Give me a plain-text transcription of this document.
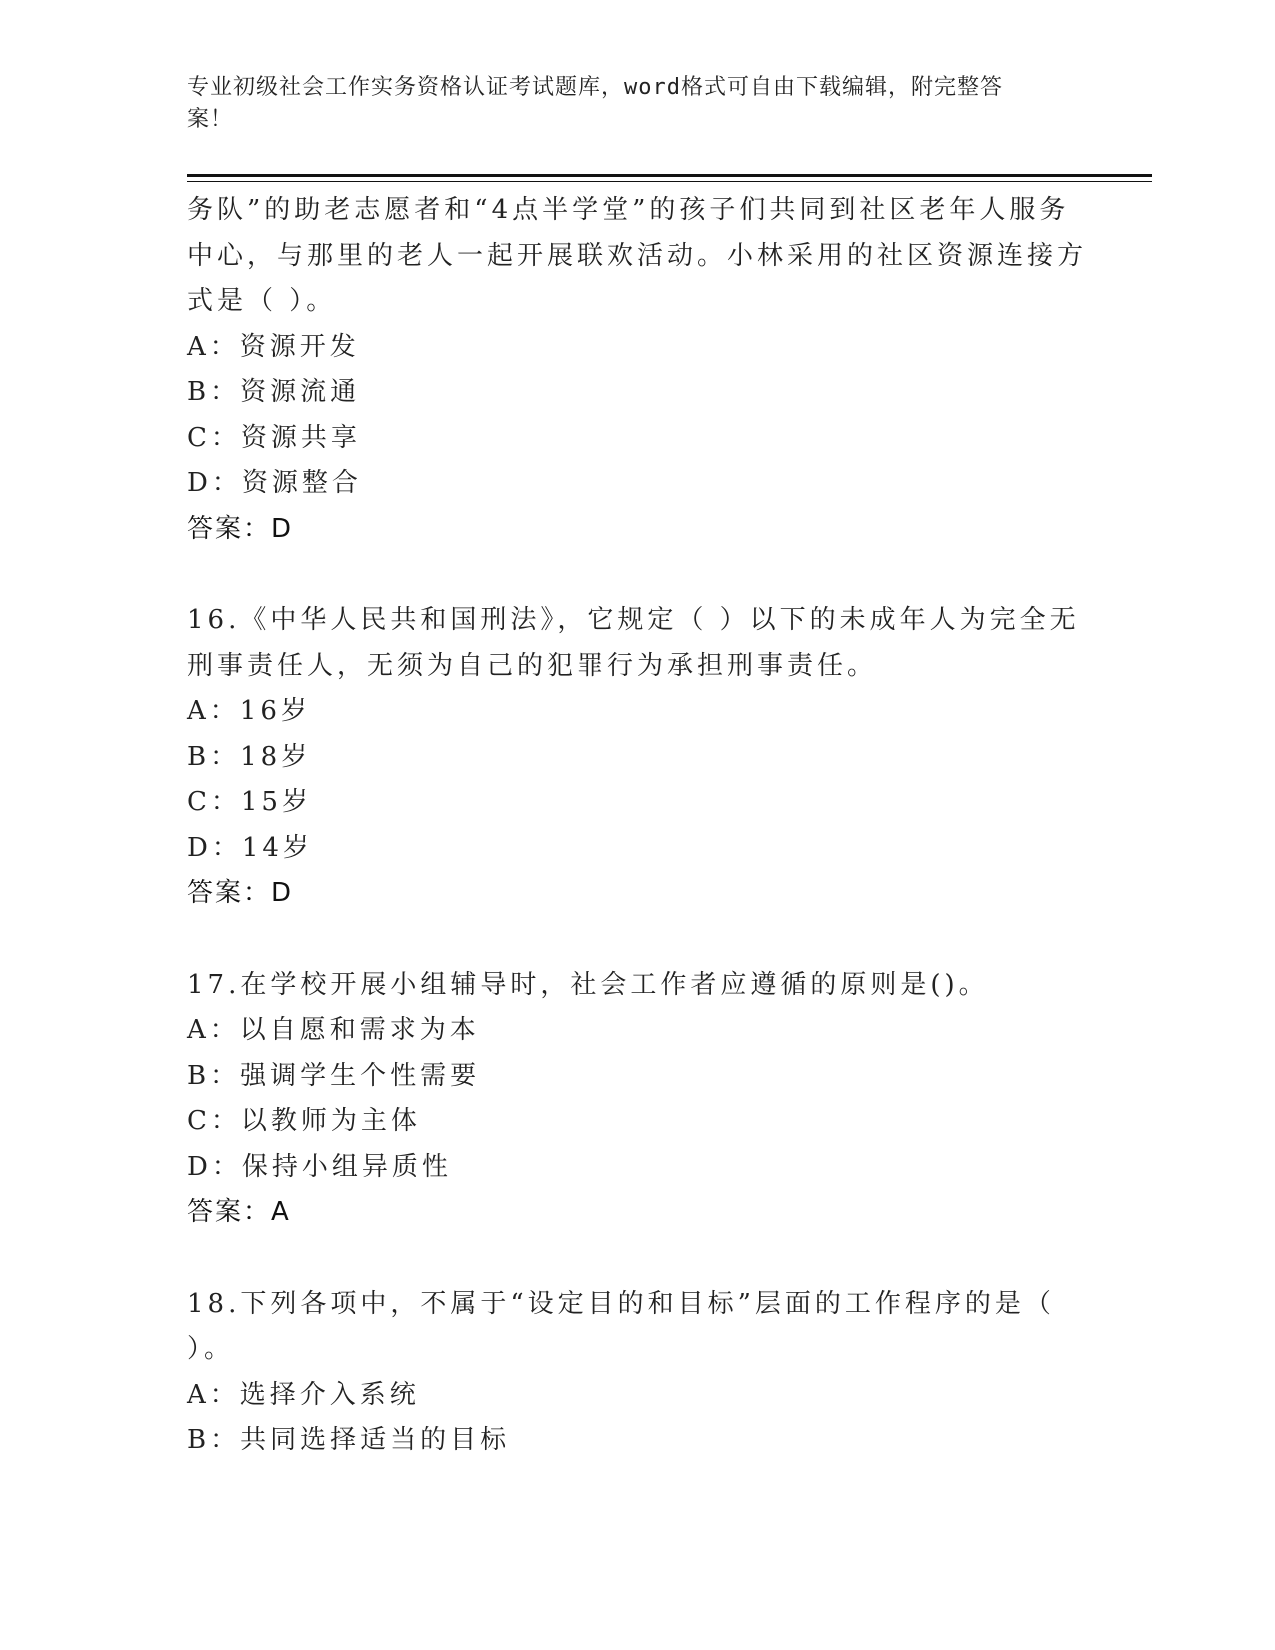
专业初级社会工作实务资格认证考试题库，word格式可自由下载编辑，附完整答
案！
务队”的助老志愿者和“4点半学堂”的孩子们共同到社区老年人服务
中心，与那里的老人一起开展联欢活动。小林采用的社区资源连接方
式是（ ）。
A：资源开发
B：资源流通
C：资源共享
D：资源整合
答案：D
16.《中华人民共和国刑法》，它规定（ ）以下的未成年人为完全无
刑事责任人，无须为自己的犯罪行为承担刑事责任。
A：16岁
B：18岁
C：15岁
D：14岁
答案：D
17.在学校开展小组辅导时，社会工作者应遵循的原则是()。
A：以自愿和需求为本
B：强调学生个性需要
C：以教师为主体
D：保持小组异质性
答案：A
18.下列各项中，不属于“设定目的和目标”层面的工作程序的是（
）。
A：选择介入系统
B：共同选择适当的目标
